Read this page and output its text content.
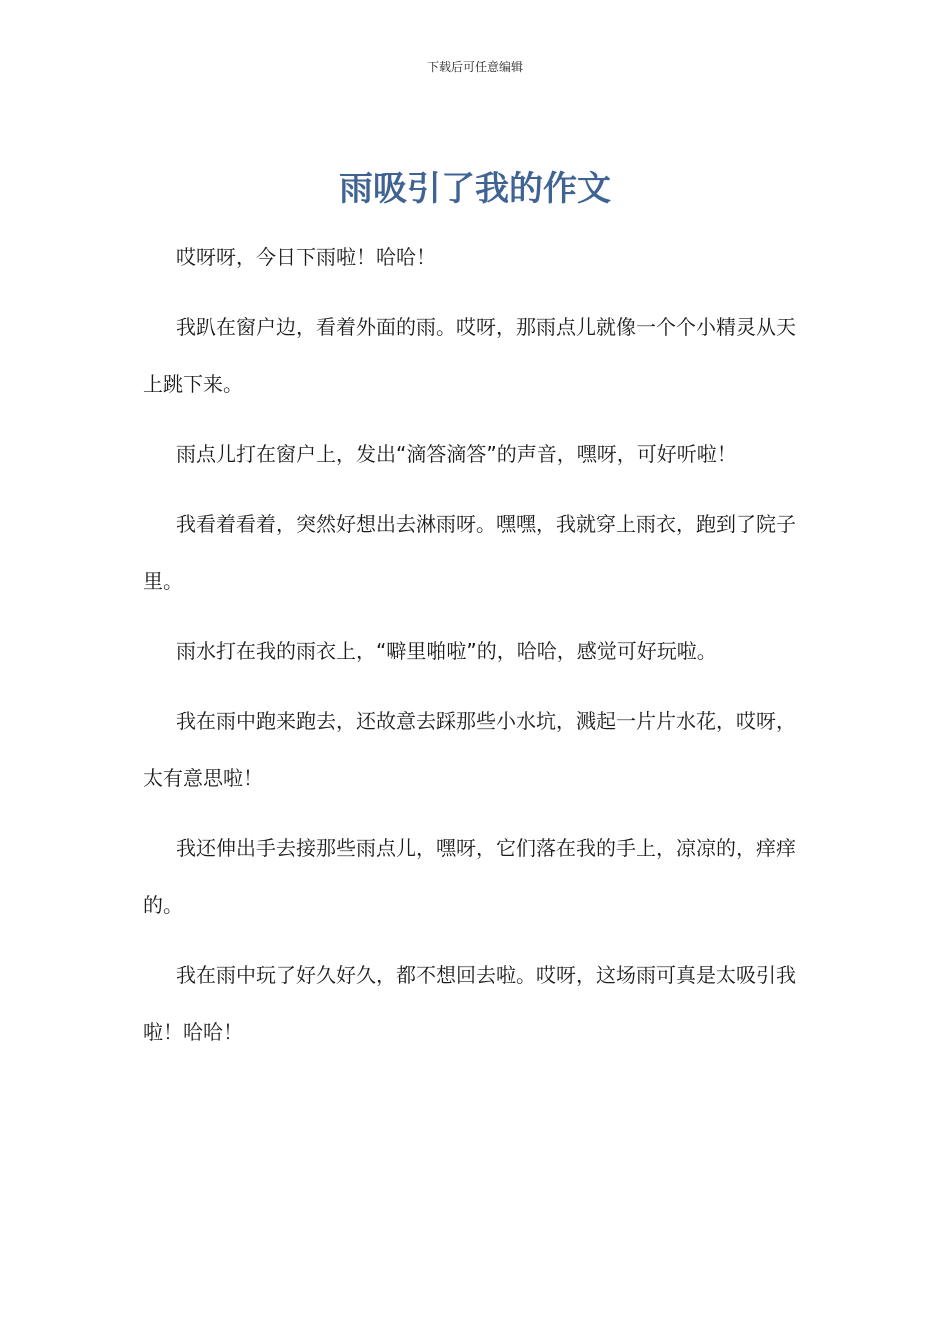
下载后可任意编辑
雨吸引了我的作文

哎呀呀，今日下雨啦！哈哈！

我趴在窗户边，看着外面的雨。哎呀，那雨点儿就像一个个小精灵从天上跳下来。

雨点儿打在窗户上，发出“滴答滴答”的声音，嘿呀，可好听啦！

我看着看着，突然好想出去淋雨呀。嘿嘿，我就穿上雨衣，跑到了院子里。

雨水打在我的雨衣上，“噼里啪啦”的，哈哈，感觉可好玩啦。

我在雨中跑来跑去，还故意去踩那些小水坑，溅起一片片水花，哎呀，太有意思啦！

我还伸出手去接那些雨点儿，嘿呀，它们落在我的手上，凉凉的，痒痒的。

我在雨中玩了好久好久，都不想回去啦。哎呀，这场雨可真是太吸引我啦！哈哈！
